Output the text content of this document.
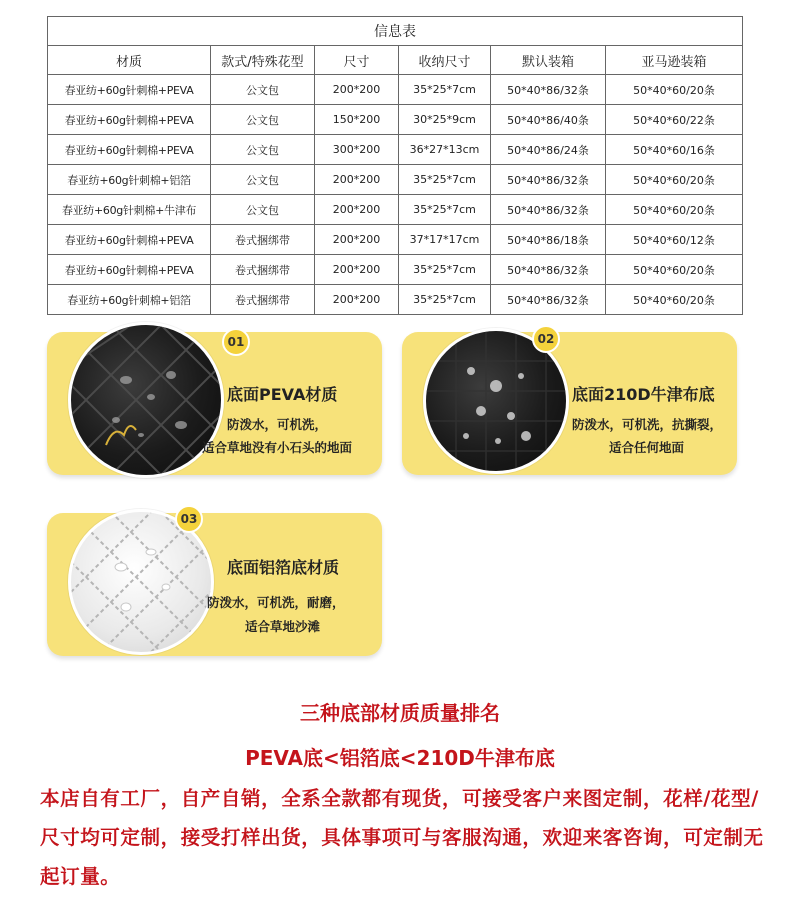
信息表					
材质	款式/特殊花型	尺寸	收纳尺寸	默认装箱	亚马逊装箱
春亚纺+60g针刺棉+PEVA	公文包	200*200	35*25*7cm	50*40*86/32条	50*40*60/20条
春亚纺+60g针刺棉+PEVA	公文包	150*200	30*25*9cm	50*40*86/40条	50*40*60/22条
春亚纺+60g针刺棉+PEVA	公文包	300*200	36*27*13cm	50*40*86/24条	50*40*60/16条
春亚纺+60g针刺棉+铝箔	公文包	200*200	35*25*7cm	50*40*86/32条	50*40*60/20条
春亚纺+60g针刺棉+牛津布	公文包	200*200	35*25*7cm	50*40*86/32条	50*40*60/20条
春亚纺+60g针刺棉+PEVA	卷式捆绑带	200*200	37*17*17cm	50*40*86/18条	50*40*60/12条
春亚纺+60g针刺棉+PEVA	卷式捆绑带	200*200	35*25*7cm	50*40*86/32条	50*40*60/20条
春亚纺+60g针刺棉+铝箔	卷式捆绑带	200*200	35*25*7cm	50*40*86/32条	50*40*60/20条
01
底面PEVA材质
防泼水，可机洗，
适合草地没有小石头的地面
02
底面210D牛津布底
防泼水，可机洗，抗撕裂，
适合任何地面
03
底面铝箔底材质
防泼水，可机洗，耐磨，
适合草地沙滩
三种底部材质质量排名
PEVA底<铝箔底<210D牛津布底
本店自有工厂，自产自销，全系全款都有现货，可接受客户来图定制，花样/花型/尺寸均可定制，接受打样出货，具体事项可与客服沟通，欢迎来客咨询，可定制无起订量。
